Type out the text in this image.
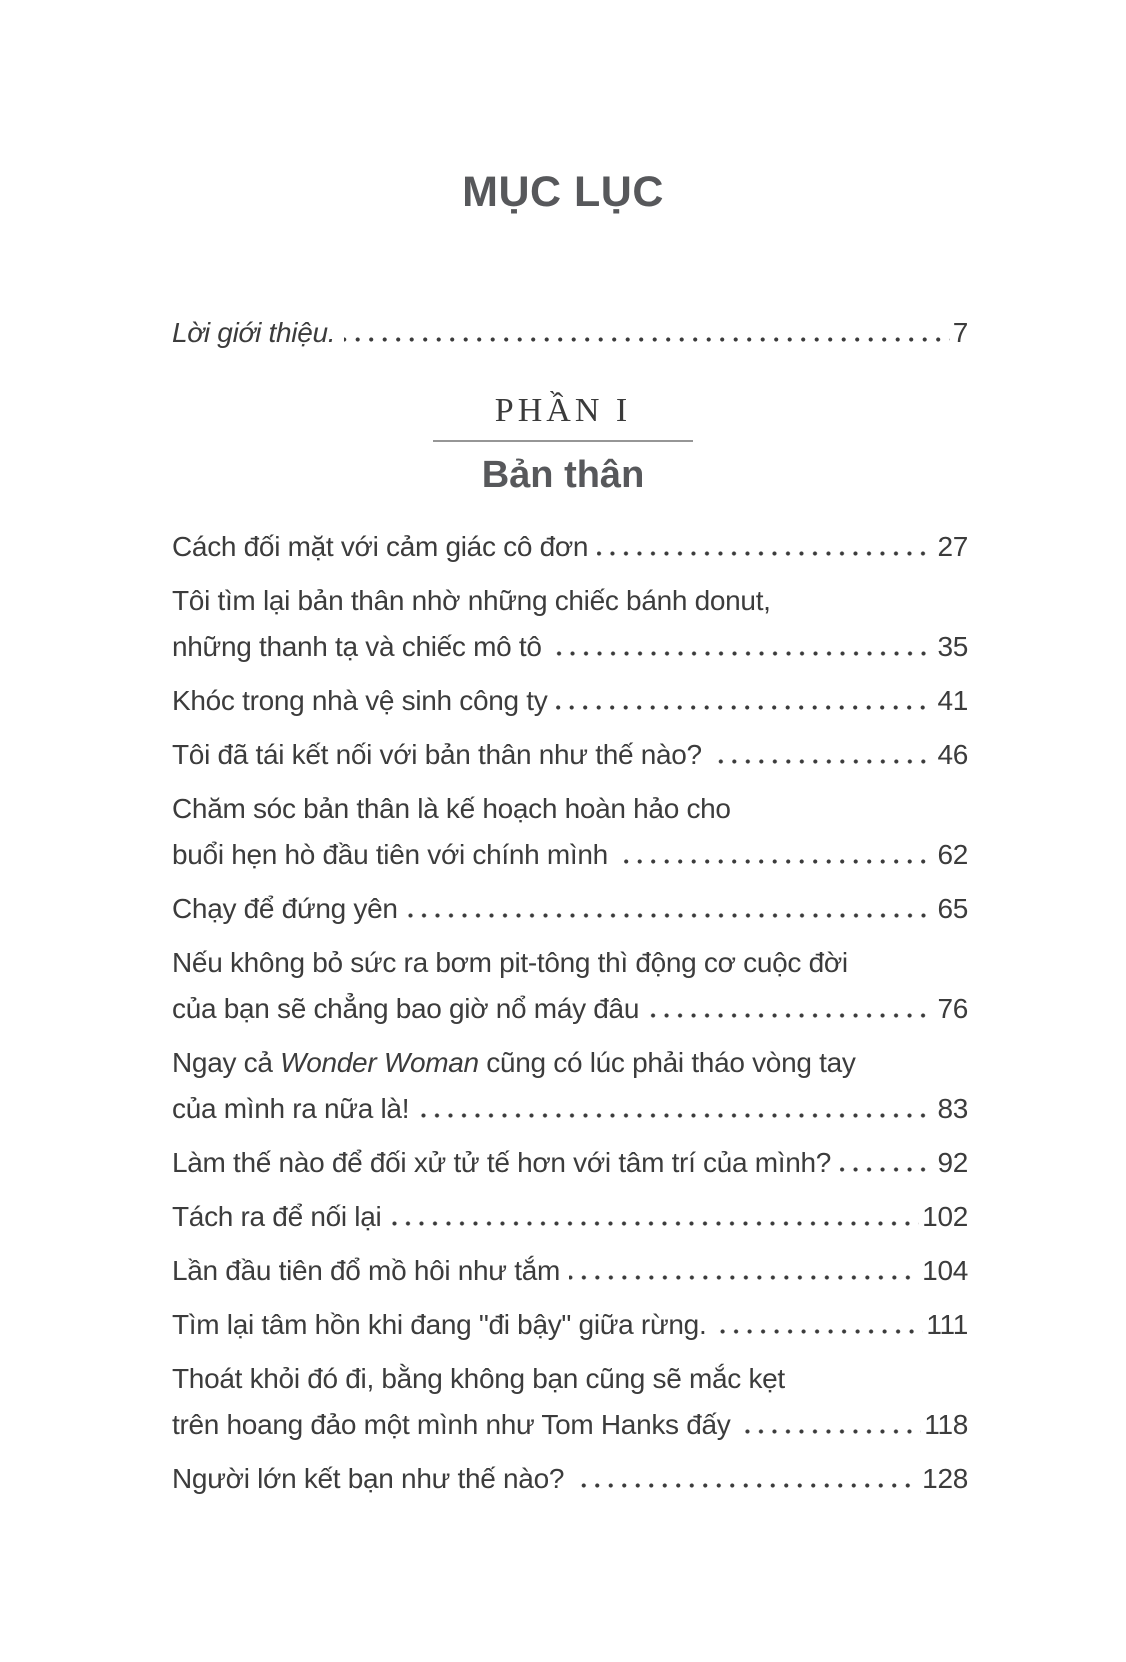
MỤC LỤC
Lời giới thiệu.	7
PHẦN I
Bản thân
Cách đối mặt với cảm giác cô đơn	27
Tôi tìm lại bản thân nhờ những chiếc bánh donut,
những thanh tạ và chiếc mô tô	35
Khóc trong nhà vệ sinh công ty	41
Tôi đã tái kết nối với bản thân như thế nào?	46
Chăm sóc bản thân là kế hoạch hoàn hảo cho
buổi hẹn hò đầu tiên với chính mình	62
Chạy để đứng yên	65
Nếu không bỏ sức ra bơm pit-tông thì động cơ cuộc đời
của bạn sẽ chẳng bao giờ nổ máy đâu	76
Ngay cả Wonder Woman cũng có lúc phải tháo vòng tay
của mình ra nữa là!	83
Làm thế nào để đối xử tử tế hơn với tâm trí của mình?	92
Tách ra để nối lại	102
Lần đầu tiên đổ mồ hôi như tắm	104
Tìm lại tâm hồn khi đang "đi bậy" giữa rừng.	111
Thoát khỏi đó đi, bằng không bạn cũng sẽ mắc kẹt
trên hoang đảo một mình như Tom Hanks đấy	118
Người lớn kết bạn như thế nào?	128
